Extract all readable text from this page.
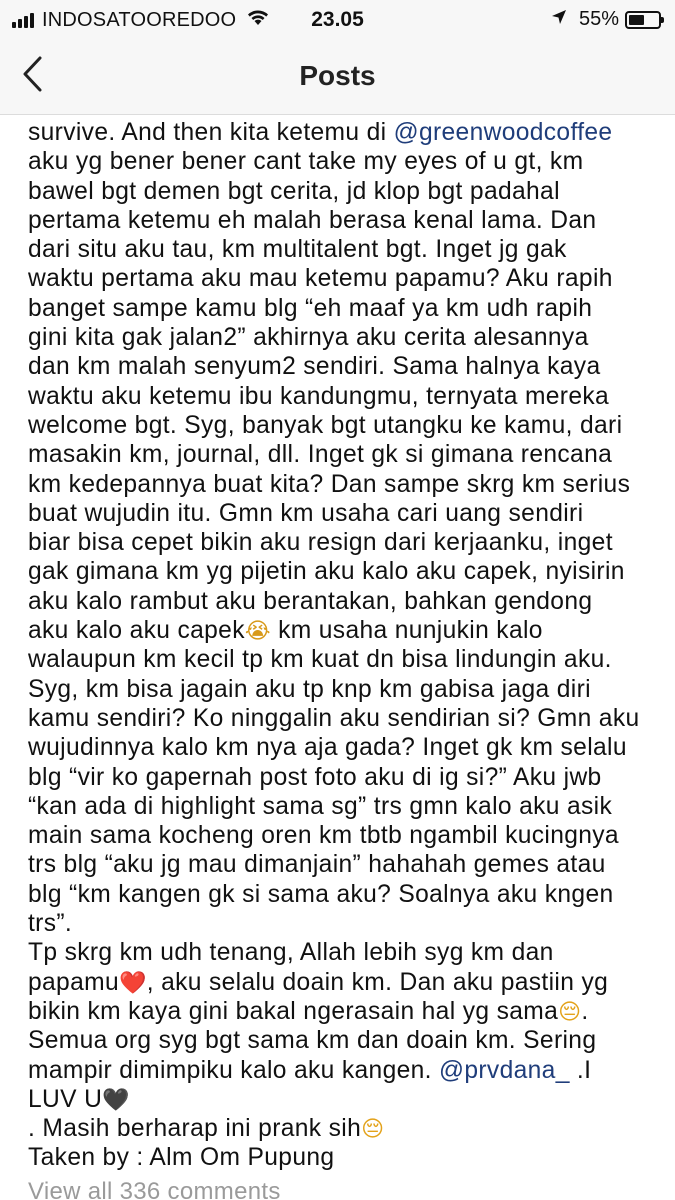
INDOSATOOREDOO	23.05	55%
Posts
survive. And then kita ketemu di @greenwoodcoffee
aku yg bener bener cant take my eyes of u gt, km
bawel bgt demen bgt cerita, jd klop bgt padahal
pertama ketemu eh malah berasa kenal lama. Dan
dari situ aku tau, km multitalent bgt. Inget jg gak
waktu pertama aku mau ketemu papamu? Aku rapih
banget sampe kamu blg “eh maaf ya km udh rapih
gini kita gak jalan2” akhirnya aku cerita alesannya
dan km malah senyum2 sendiri. Sama halnya kaya
waktu aku ketemu ibu kandungmu, ternyata mereka
welcome bgt. Syg, banyak bgt utangku ke kamu, dari
masakin km, journal, dll. Inget gk si gimana rencana
km kedepannya buat kita? Dan sampe skrg km serius
buat wujudin itu. Gmn km usaha cari uang sendiri
biar bisa cepet bikin aku resign dari kerjaanku, inget
gak gimana km yg pijetin aku kalo aku capek, nyisirin
aku kalo rambut aku berantakan, bahkan gendong
aku kalo aku capek😭 km usaha nunjukin kalo
walaupun km kecil tp km kuat dn bisa lindungin aku.
Syg, km bisa jagain aku tp knp km gabisa jaga diri
kamu sendiri? Ko ninggalin aku sendirian si? Gmn aku
wujudinnya kalo km nya aja gada? Inget gk km selalu
blg “vir ko gapernah post foto aku di ig si?” Aku jwb
“kan ada di highlight sama sg” trs gmn kalo aku asik
main sama kocheng oren km tbtb ngambil kucingnya
trs blg “aku jg mau dimanjain” hahahah gemes atau
blg “km kangen gk si sama aku? Soalnya aku kngen
trs”.
Tp skrg km udh tenang, Allah lebih syg km dan
papamu❤️, aku selalu doain km. Dan aku pastiin yg
bikin km kaya gini bakal ngerasain hal yg sama😔.
Semua org syg bgt sama km dan doain km. Sering
mampir dimimpiku kalo aku kangen. @prvdana_ .I
LUV U🖤
. Masih berharap ini prank sih😔
Taken by : Alm Om Pupung
View all 336 comments
